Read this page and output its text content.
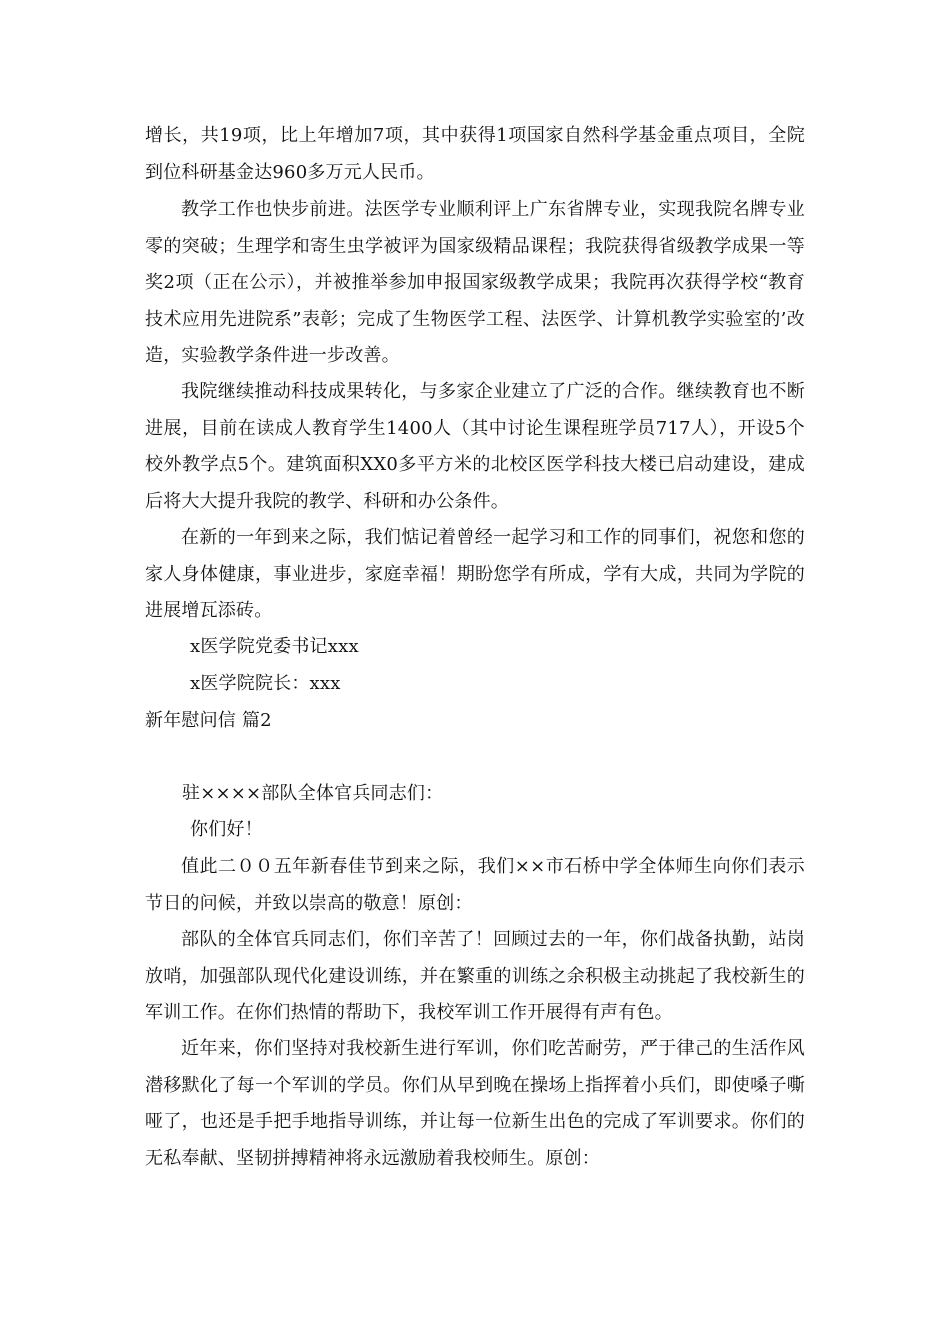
增长，共19项，比上年增加7项，其中获得1项国家自然科学基金重点项目，全院到位科研基金达960多万元人民币。
教学工作也快步前进。法医学专业顺利评上广东省牌专业，实现我院名牌专业零的突破；生理学和寄生虫学被评为国家级精品课程；我院获得省级教学成果一等奖2项（正在公示），并被推举参加申报国家级教学成果；我院再次获得学校“教育技术应用先进院系”表彰；完成了生物医学工程、法医学、计算机教学实验室的’改造，实验教学条件进一步改善。
我院继续推动科技成果转化，与多家企业建立了广泛的合作。继续教育也不断进展，目前在读成人教育学生1400人（其中讨论生课程班学员717人），开设5个校外教学点5个。建筑面积XX0多平方米的北校区医学科技大楼已启动建设，建成后将大大提升我院的教学、科研和办公条件。
在新的一年到来之际，我们惦记着曾经一起学习和工作的同事们，祝您和您的家人身体健康，事业进步，家庭幸福！期盼您学有所成，学有大成，共同为学院的进展增瓦添砖。
x医学院党委书记xxx
x医学院院长：xxx
新年慰问信 篇2
驻××××部队全体官兵同志们：
你们好！
值此二００五年新春佳节到来之际，我们××市石桥中学全体师生向你们表示节日的问候，并致以崇高的敬意！原创：
部队的全体官兵同志们，你们辛苦了！回顾过去的一年，你们战备执勤，站岗放哨，加强部队现代化建设训练，并在繁重的训练之余积极主动挑起了我校新生的军训工作。在你们热情的帮助下，我校军训工作开展得有声有色。
近年来，你们坚持对我校新生进行军训，你们吃苦耐劳，严于律己的生活作风潜移默化了每一个军训的学员。你们从早到晚在操场上指挥着小兵们，即使嗓子嘶哑了，也还是手把手地指导训练，并让每一位新生出色的完成了军训要求。你们的无私奉献、坚韧拼搏精神将永远激励着我校师生。原创：
